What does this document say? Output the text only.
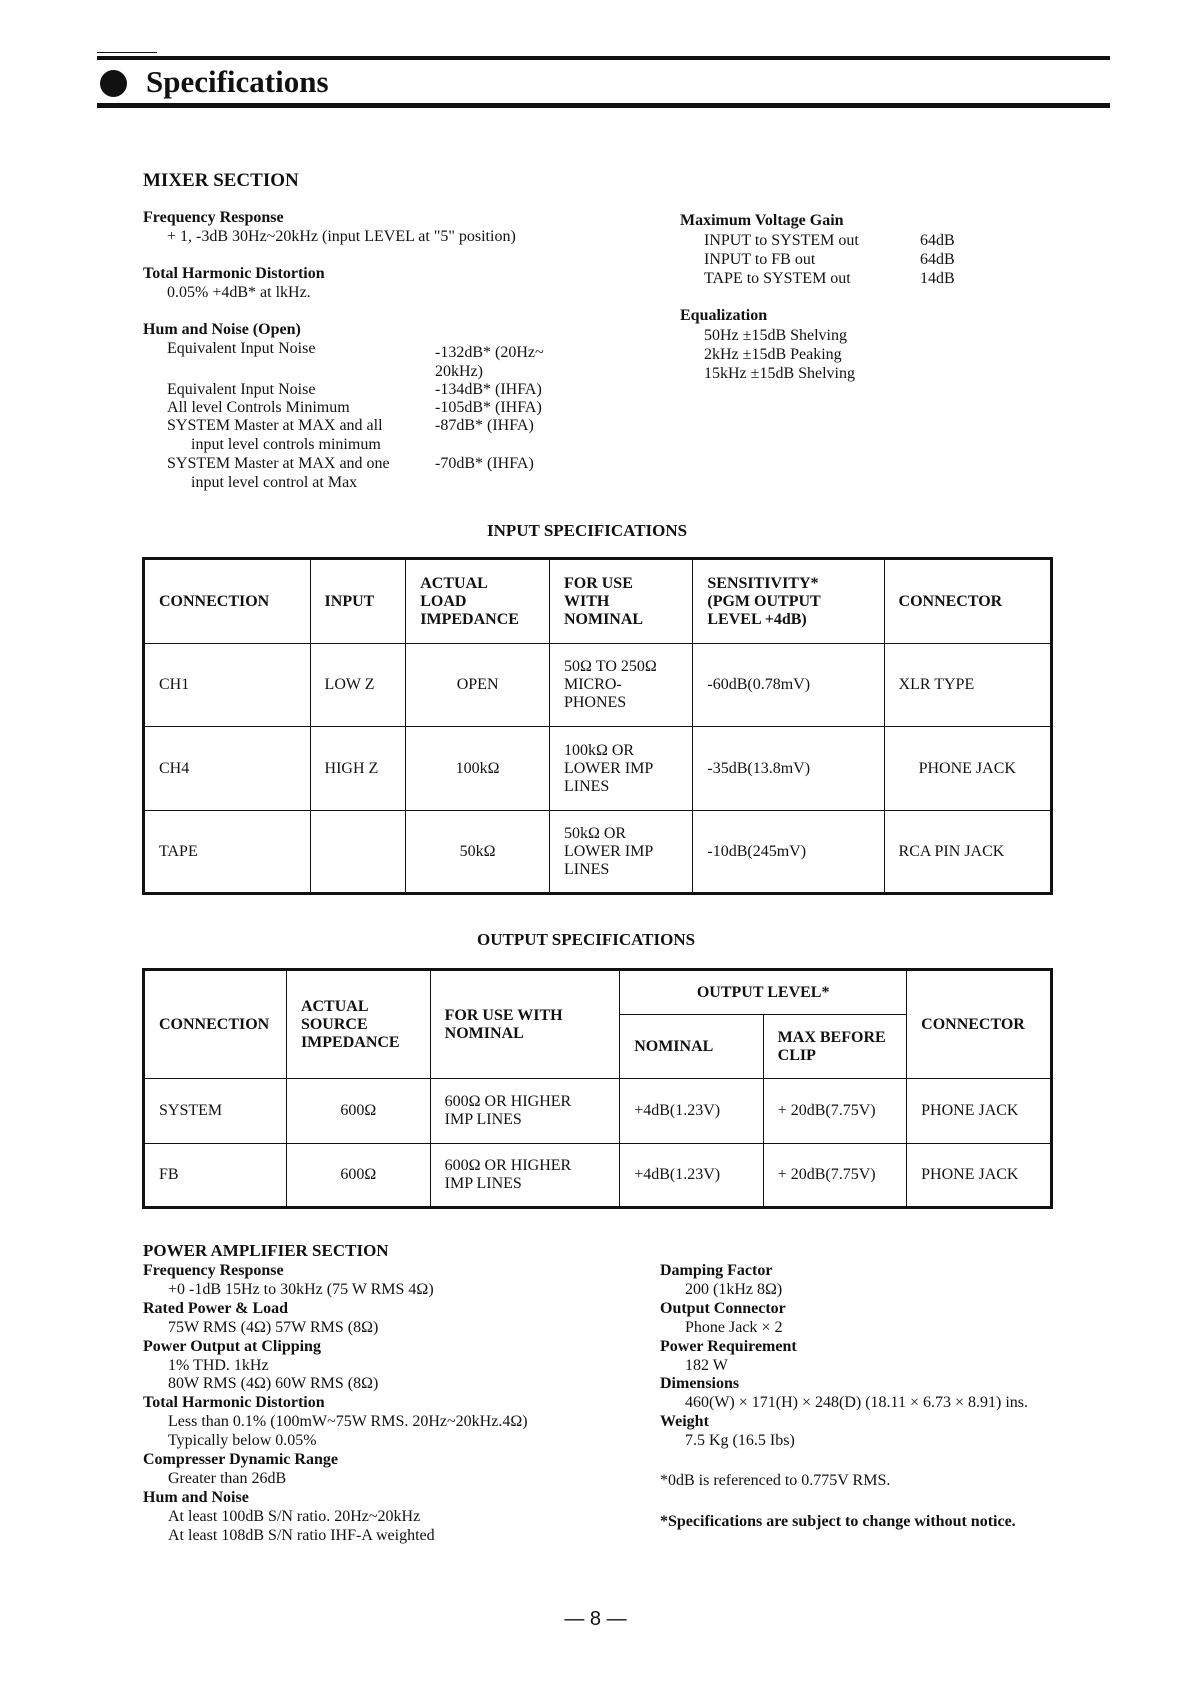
Specifications
MIXER SECTION
Frequency Response
+ 1, -3dB 30Hz~20kHz (input LEVEL at "5" position)
Total Harmonic Distortion
0.05% +4dB* at lkHz.
Hum and Noise (Open)
Equivalent Input Noise	-132dB* (20Hz~
20kHz)
Equivalent Input Noise	-134dB* (IHFA)
All level Controls Minimum	-105dB* (IHFA)
SYSTEM Master at MAX and all
input level controls minimum
-87dB* (IHFA)
SYSTEM Master at MAX and one
input level control at Max
-70dB* (IHFA)
Maximum Voltage Gain
INPUT to SYSTEM out	64dB
INPUT to FB out	64dB
TAPE to SYSTEM out	14dB
Equalization
50Hz ±15dB Shelving
2kHz ±15dB Peaking
15kHz ±15dB Shelving
INPUT SPECIFICATIONS
CONNECTION	INPUT	ACTUAL
LOAD
IMPEDANCE	FOR USE
WITH
NOMINAL	SENSITIVITY*
(PGM OUTPUT
LEVEL +4dB)	CONNECTOR
CH1	LOW Z	OPEN	50Ω TO 250Ω
MICRO-
PHONES	-60dB(0.78mV)	XLR TYPE
CH4	HIGH Z	100kΩ	100kΩ OR
LOWER IMP
LINES	-35dB(13.8mV)	PHONE JACK
TAPE		50kΩ	50kΩ OR
LOWER IMP
LINES	-10dB(245mV)	RCA PIN JACK
OUTPUT SPECIFICATIONS
CONNECTION	ACTUAL
SOURCE
IMPEDANCE	FOR USE WITH
NOMINAL	OUTPUT LEVEL*		CONNECTOR
			NOMINAL	MAX BEFORE
CLIP	
SYSTEM	600Ω	600Ω OR HIGHER
IMP LINES	+4dB(1.23V)	+ 20dB(7.75V)	PHONE JACK
FB	600Ω	600Ω OR HIGHER
IMP LINES	+4dB(1.23V)	+ 20dB(7.75V)	PHONE JACK
POWER AMPLIFIER SECTION
Frequency Response
+0 -1dB 15Hz to 30kHz (75 W RMS 4Ω)
Rated Power & Load
75W RMS (4Ω) 57W RMS (8Ω)
Power Output at Clipping
1% THD. 1kHz
80W RMS (4Ω) 60W RMS (8Ω)
Total Harmonic Distortion
Less than 0.1% (100mW~75W RMS. 20Hz~20kHz.4Ω)
Typically below 0.05%
Compresser Dynamic Range
Greater than 26dB
Hum and Noise
At least 100dB S/N ratio. 20Hz~20kHz
At least 108dB S/N ratio IHF-A weighted
Damping Factor
200 (1kHz 8Ω)
Output Connector
Phone Jack × 2
Power Requirement
182 W
Dimensions
460(W) × 171(H) × 248(D) (18.11 × 6.73 × 8.91) ins.
Weight
7.5 Kg (16.5 Ibs)
*0dB is referenced to 0.775V RMS.
*Specifications are subject to change without notice.
— 8 —
